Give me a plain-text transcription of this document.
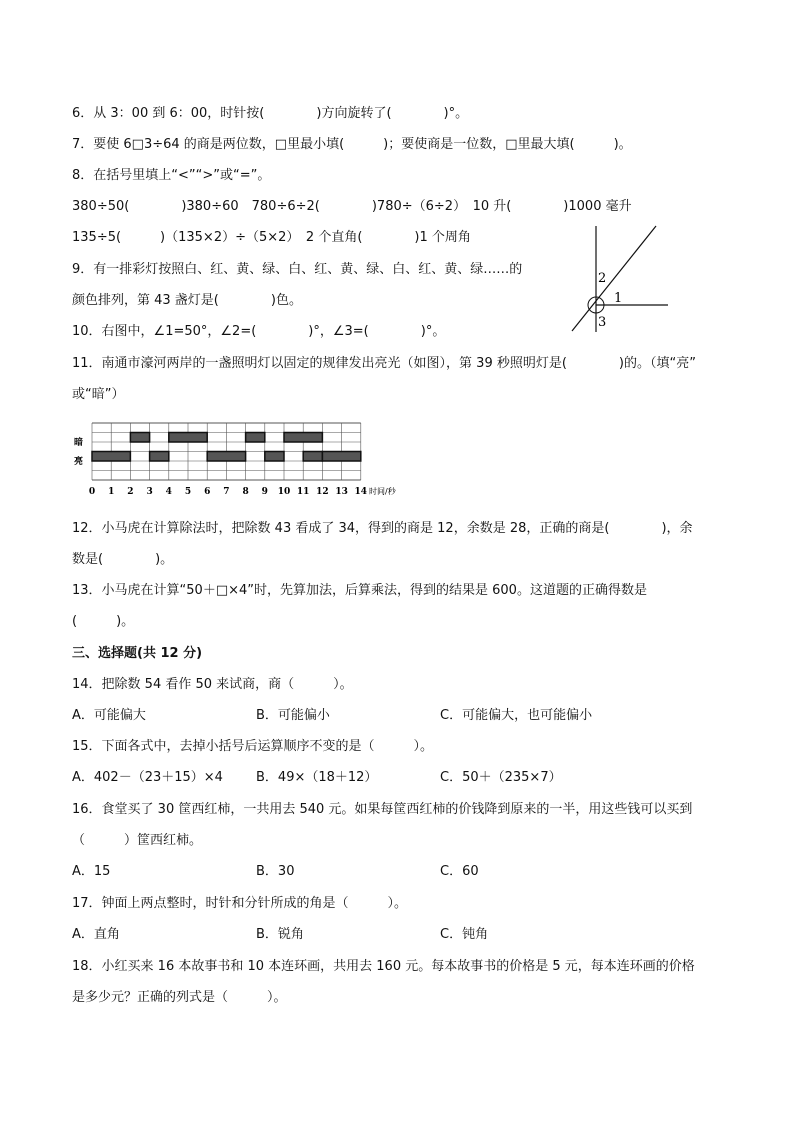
6．从 3：00 到 6：00，时针按(　　　　)方向旋转了(　　　　)°。
7．要使 6□3÷64 的商是两位数，□里最小填(　　　)；要使商是一位数，□里最大填(　　　)。
8．在括号里填上“<”“>”或“=”。
380÷50(　　　　)380÷60　780÷6÷2(　　　　)780÷（6÷2）　10 升(　　　　)1000 毫升
135÷5(　　　)（135×2）÷（5×2）　2 个直角(　　　　)1 个周角
9．有一排彩灯按照白、红、黄、绿、白、红、黄、绿、白、红、黄、绿……的
颜色排列，第 43 盏灯是(　　　　)色。
10．右图中，∠1=50°，∠2=(　　　　)°，∠3=(　　　　)°。
2
1
3
11．南通市濠河两岸的一盏照明灯以固定的规律发出亮光（如图），第 39 秒照明灯是(　　　　)的。（填“亮”
或“暗”）
暗
亮
0 1 2 3 4 5 6 7 8 9 10 11 12 13 14 时间/秒
12．小马虎在计算除法时，把除数 43 看成了 34，得到的商是 12，余数是 28，正确的商是(　　　　)，余
数是(　　　　)。
13．小马虎在计算“50＋□×4”时，先算加法，后算乘法，得到的结果是 600。这道题的正确得数是
(　　　)。
三、选择题(共 12 分)
14．把除数 54 看作 50 来试商，商（　　　）。
A．可能偏大	B．可能偏小	C．可能偏大，也可能偏小
15．下面各式中，去掉小括号后运算顺序不变的是（　　　）。
A．402－（23＋15）×4	B．49×（18＋12）	C．50＋（235×7）
16．食堂买了 30 筐西红柿，一共用去 540 元。如果每筐西红柿的价钱降到原来的一半，用这些钱可以买到
（　　　）筐西红柿。
A．15	B．30	C．60
17．钟面上两点整时，时针和分针所成的角是（　　　）。
A．直角	B．锐角	C．钝角
18．小红买来 16 本故事书和 10 本连环画，共用去 160 元。每本故事书的价格是 5 元，每本连环画的价格
是多少元？正确的列式是（　　　）。
